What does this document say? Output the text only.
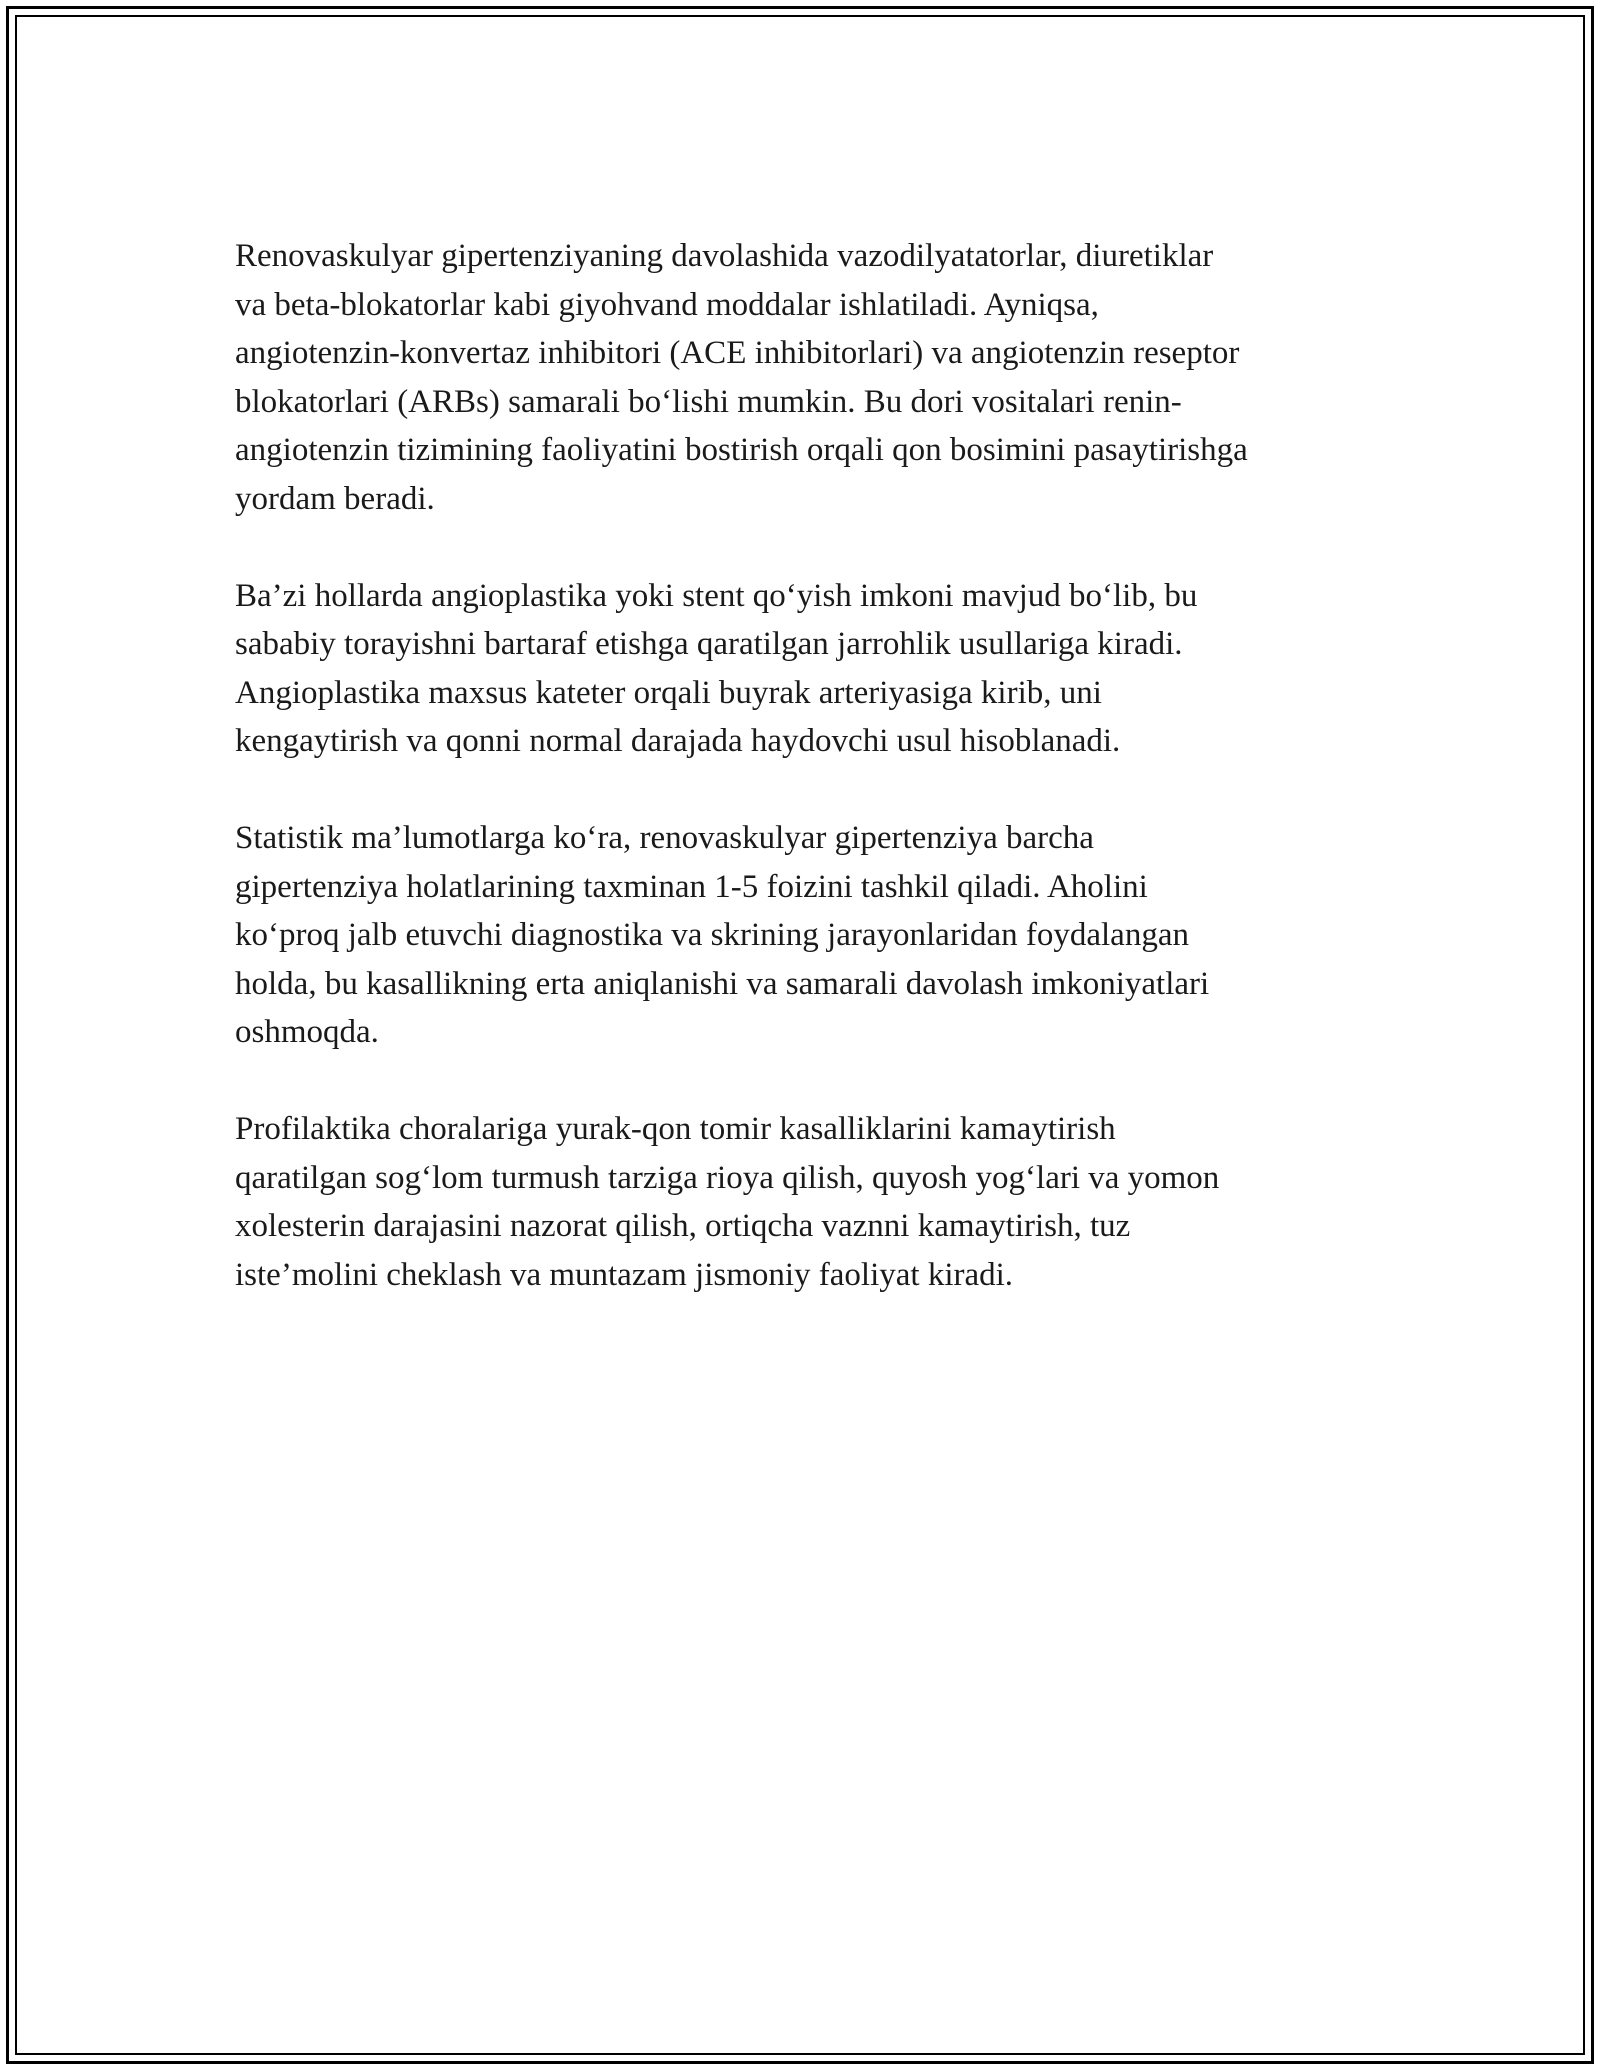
Renovaskulyar gipertenziyaning davolashida vazodilyatatorlar, diuretiklar
va beta-blokatorlar kabi giyohvand moddalar ishlatiladi. Ayniqsa,
angiotenzin-konvertaz inhibitori (ACE inhibitorlari) va angiotenzin reseptor
blokatorlari (ARBs) samarali bo‘lishi mumkin. Bu dori vositalari renin-
angiotenzin tizimining faoliyatini bostirish orqali qon bosimini pasaytirishga
yordam beradi.

Ba’zi hollarda angioplastika yoki stent qo‘yish imkoni mavjud bo‘lib, bu
sababiy torayishni bartaraf etishga qaratilgan jarrohlik usullariga kiradi.
Angioplastika maxsus kateter orqali buyrak arteriyasiga kirib, uni
kengaytirish va qonni normal darajada haydovchi usul hisoblanadi.

Statistik ma’lumotlarga ko‘ra, renovaskulyar gipertenziya barcha
gipertenziya holatlarining taxminan 1-5 foizini tashkil qiladi. Aholini
ko‘proq jalb etuvchi diagnostika va skrining jarayonlaridan foydalangan
holda, bu kasallikning erta aniqlanishi va samarali davolash imkoniyatlari
oshmoqda.

Profilaktika choralariga yurak-qon tomir kasalliklarini kamaytirish
qaratilgan sog‘lom turmush tarziga rioya qilish, quyosh yog‘lari va yomon
xolesterin darajasini nazorat qilish, ortiqcha vaznni kamaytirish, tuz
iste’molini cheklash va muntazam jismoniy faoliyat kiradi.
